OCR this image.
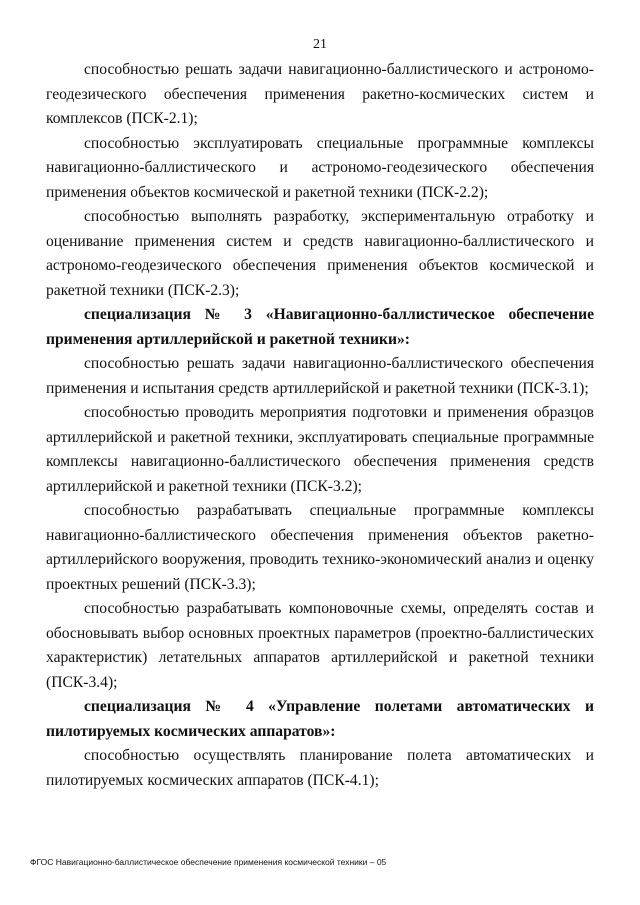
21

способностью решать задачи навигационно-баллистического и астрономо-геодезического обеспечения применения ракетно-космических систем и комплексов (ПСК-2.1);

способностью эксплуатировать специальные программные комплексы навигационно-баллистического и астрономо-геодезического обеспечения применения объектов космической и ракетной техники (ПСК-2.2);

способностью выполнять разработку, экспериментальную отработку и оценивание применения систем и средств навигационно-баллистического и астрономо-геодезического обеспечения применения объектов космической и ракетной техники (ПСК-2.3);

специализация № 3 «Навигационно-баллистическое обеспечение применения артиллерийской и ракетной техники»:

способностью решать задачи навигационно-баллистического обеспечения применения и испытания средств артиллерийской и ракетной техники (ПСК-3.1);

способностью проводить мероприятия подготовки и применения образцов артиллерийской и ракетной техники, эксплуатировать специальные программные комплексы навигационно-баллистического обеспечения применения средств артиллерийской и ракетной техники (ПСК-3.2);

способностью разрабатывать специальные программные комплексы навигационно-баллистического обеспечения применения объектов ракетно-артиллерийского вооружения, проводить технико-экономический анализ и оценку проектных решений (ПСК-3.3);

способностью разрабатывать компоновочные схемы, определять состав и обосновывать выбор основных проектных параметров (проектно-баллистических характеристик) летательных аппаратов артиллерийской и ракетной техники (ПСК-3.4);

специализация № 4 «Управление полетами автоматических и пилотируемых космических аппаратов»:

способностью осуществлять планирование полета автоматических и пилотируемых космических аппаратов (ПСК-4.1);

ФГОС Навигационно-баллистическое обеспечение применения космической техники – 05
